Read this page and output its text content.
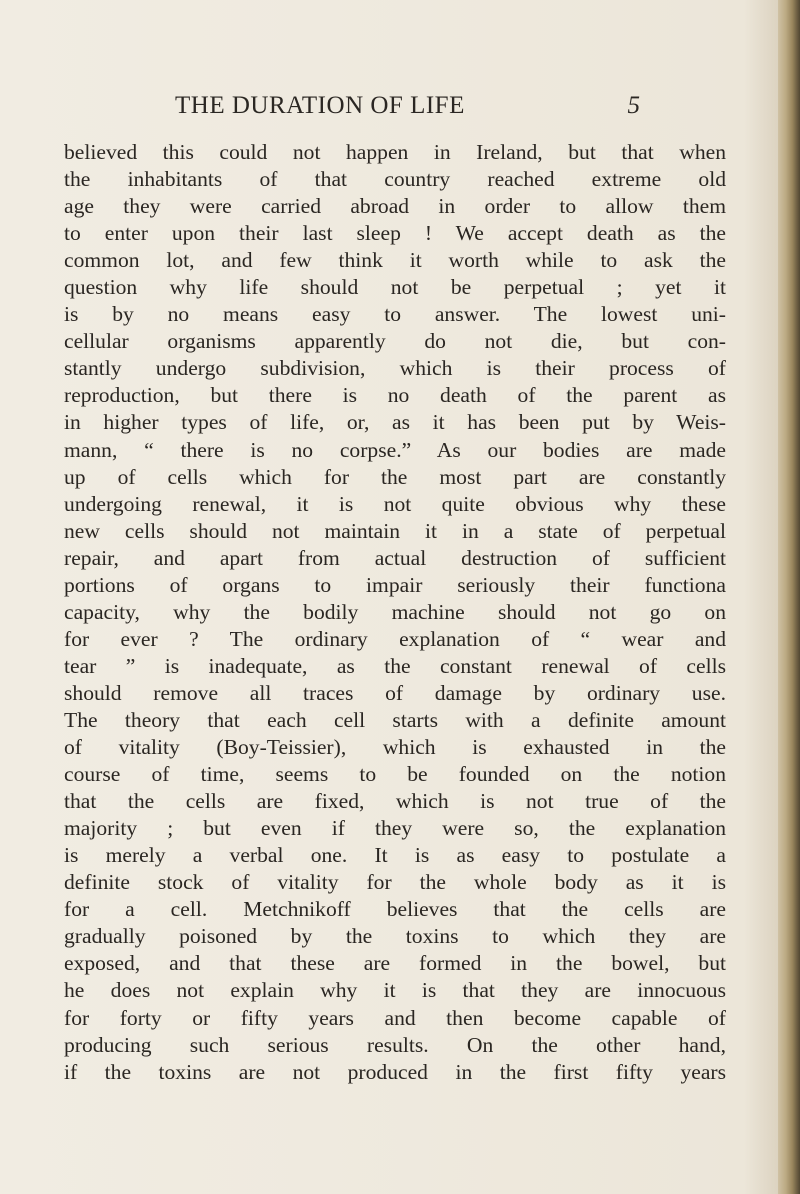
THE DURATION OF LIFE	5
believed this could not happen in Ireland, but that when
the inhabitants of that country reached extreme old
age they were carried abroad in order to allow them
to enter upon their last sleep ! We accept death as the
common lot, and few think it worth while to ask the
question why life should not be perpetual ; yet it
is by no means easy to answer. The lowest uni-
cellular organisms apparently do not die, but con-
stantly undergo subdivision, which is their process of
reproduction, but there is no death of the parent as
in higher types of life, or, as it has been put by Weis-
mann, “ there is no corpse.” As our bodies are made
up of cells which for the most part are constantly
undergoing renewal, it is not quite obvious why these
new cells should not maintain it in a state of perpetual
repair, and apart from actual destruction of sufficient
portions of organs to impair seriously their functiona
capacity, why the bodily machine should not go on
for ever ? The ordinary explanation of “ wear and
tear ” is inadequate, as the constant renewal of cells
should remove all traces of damage by ordinary use.
The theory that each cell starts with a definite amount
of vitality (Boy-Teissier), which is exhausted in the
course of time, seems to be founded on the notion
that the cells are fixed, which is not true of the
majority ; but even if they were so, the explanation
is merely a verbal one. It is as easy to postulate a
definite stock of vitality for the whole body as it is
for a cell. Metchnikoff believes that the cells are
gradually poisoned by the toxins to which they are
exposed, and that these are formed in the bowel, but
he does not explain why it is that they are innocuous
for forty or fifty years and then become capable of
producing such serious results. On the other hand,
if the toxins are not produced in the first fifty years
